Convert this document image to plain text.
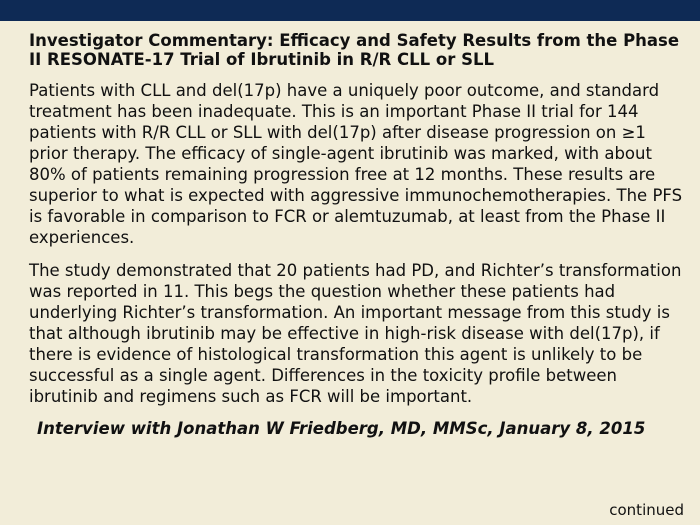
Investigator Commentary: Efficacy and Safety Results from the Phase II RESONATE-17 Trial of Ibrutinib in R/R CLL or SLL

Patients with CLL and del(17p) have a uniquely poor outcome, and standard treatment has been inadequate. This is an important Phase II trial for 144 patients with R/R CLL or SLL with del(17p) after disease progression on ≥1 prior therapy. The efficacy of single-agent ibrutinib was marked, with about 80% of patients remaining progression free at 12 months. These results are superior to what is expected with aggressive immunochemotherapies. The PFS is favorable in comparison to FCR or alemtuzumab, at least from the Phase II experiences.

The study demonstrated that 20 patients had PD, and Richter’s transformation was reported in 11. This begs the question whether these patients had underlying Richter’s transformation. An important message from this study is that although ibrutinib may be effective in high-risk disease with del(17p), if there is evidence of histological transformation this agent is unlikely to be successful as a single agent. Differences in the toxicity profile between ibrutinib and regimens such as FCR will be important.

Interview with Jonathan W Friedberg, MD, MMSc, January 8, 2015

continued
